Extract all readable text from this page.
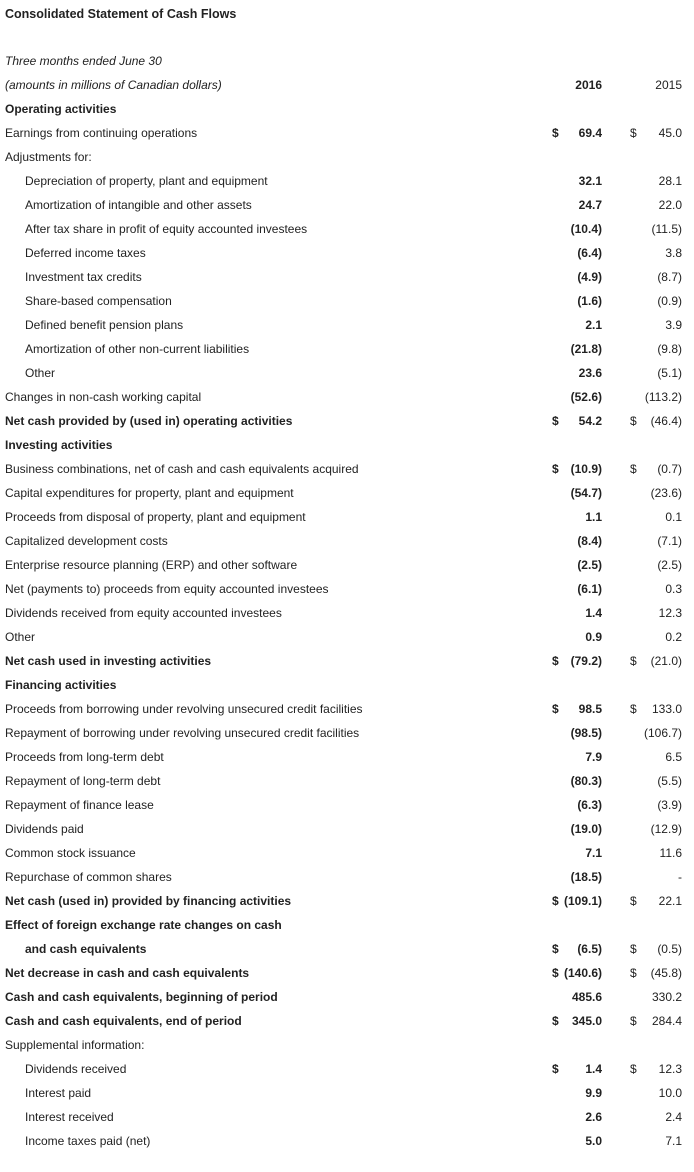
Consolidated Statement of Cash Flows
Three months ended June 30
(amounts in millions of Canadian dollars)	2016	2015
Operating activities
Earnings from continuing operations	$ 69.4 $ 45.0
Adjustments for:
Depreciation of property, plant and equipment	32.1	28.1
Amortization of intangible and other assets	24.7	22.0
After tax share in profit of equity accounted investees	(10.4)	(11.5)
Deferred income taxes	(6.4)	3.8
Investment tax credits	(4.9)	(8.7)
Share-based compensation	(1.6)	(0.9)
Defined benefit pension plans	2.1	3.9
Amortization of other non-current liabilities	(21.8)	(9.8)
Other	23.6	(5.1)
Changes in non-cash working capital	(52.6)	(113.2)
Net cash provided by (used in) operating activities	$ 54.2 $ (46.4)
Investing activities
Business combinations, net of cash and cash equivalents acquired	$ (10.9) $ (0.7)
Capital expenditures for property, plant and equipment	(54.7)	(23.6)
Proceeds from disposal of property, plant and equipment	1.1	0.1
Capitalized development costs	(8.4)	(7.1)
Enterprise resource planning (ERP) and other software	(2.5)	(2.5)
Net (payments to) proceeds from equity accounted investees	(6.1)	0.3
Dividends received from equity accounted investees	1.4	12.3
Other	0.9	0.2
Net cash used in investing activities	$ (79.2) $ (21.0)
Financing activities
Proceeds from borrowing under revolving unsecured credit facilities	$ 98.5 $ 133.0
Repayment of borrowing under revolving unsecured credit facilities	(98.5)	(106.7)
Proceeds from long-term debt	7.9	6.5
Repayment of long-term debt	(80.3)	(5.5)
Repayment of finance lease	(6.3)	(3.9)
Dividends paid	(19.0)	(12.9)
Common stock issuance	7.1	11.6
Repurchase of common shares	(18.5)	-
Net cash (used in) provided by financing activities	$ (109.1) $ 22.1
Effect of foreign exchange rate changes on cash
and cash equivalents	$ (6.5) $ (0.5)
Net decrease in cash and cash equivalents	$ (140.6) $ (45.8)
Cash and cash equivalents, beginning of period	485.6	330.2
Cash and cash equivalents, end of period	$ 345.0 $ 284.4
Supplemental information:
Dividends received	$ 1.4 $ 12.3
Interest paid	9.9	10.0
Interest received	2.6	2.4
Income taxes paid (net)	5.0	7.1
